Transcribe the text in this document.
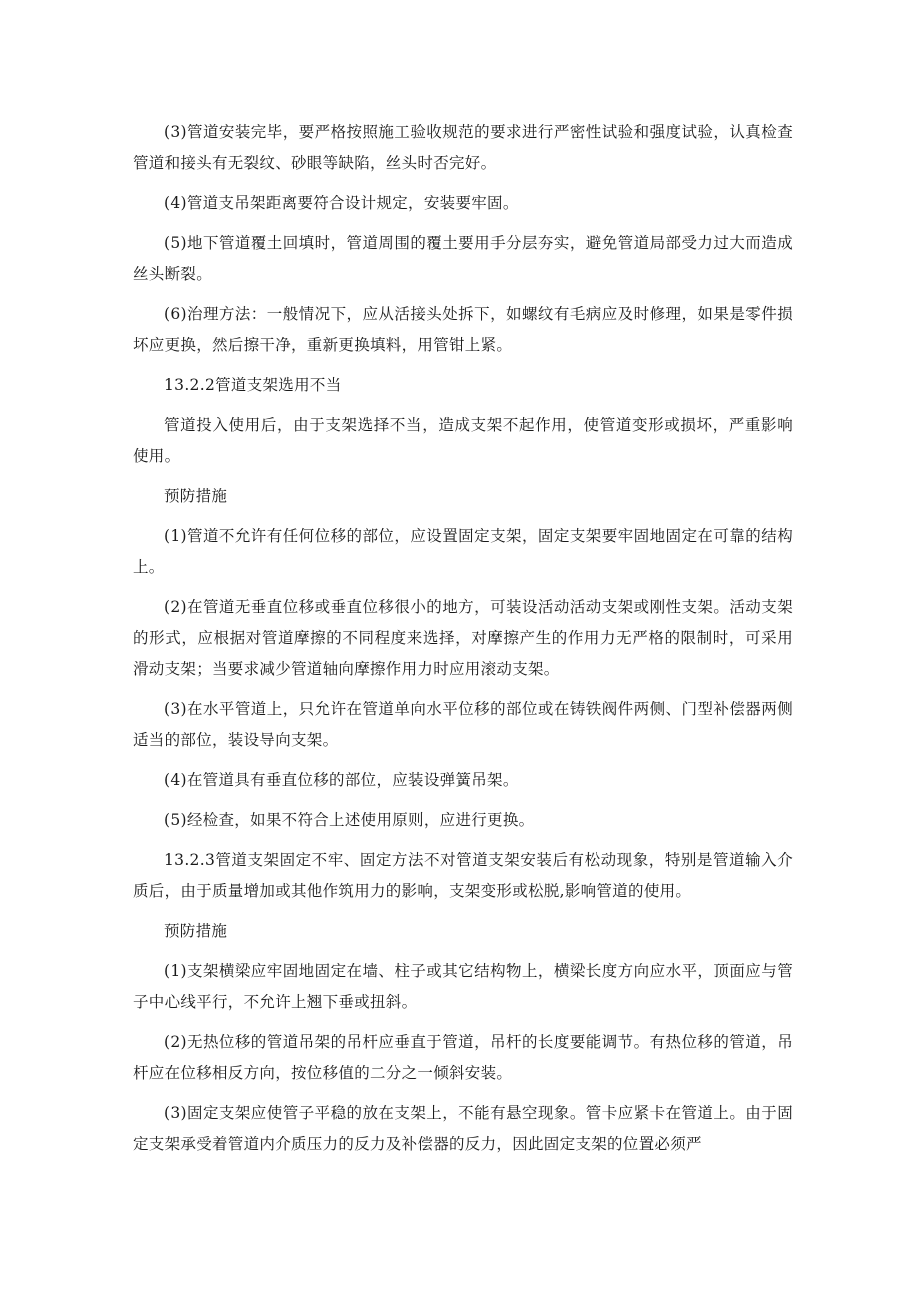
(3)管道安装完毕，要严格按照施工验收规范的要求进行严密性试验和强度试验，认真检查管道和接头有无裂纹、砂眼等缺陷，丝头时否完好。

(4)管道支吊架距离要符合设计规定，安装要牢固。

(5)地下管道覆土回填时，管道周围的覆土要用手分层夯实，避免管道局部受力过大而造成丝头断裂。

(6)治理方法：一般情况下，应从活接头处拆下，如螺纹有毛病应及时修理，如果是零件损坏应更换，然后擦干净，重新更换填料，用管钳上紧。

13.2.2管道支架选用不当

管道投入使用后，由于支架选择不当，造成支架不起作用，使管道变形或损坏，严重影响使用。

预防措施

(1)管道不允许有任何位移的部位，应设置固定支架，固定支架要牢固地固定在可靠的结构上。

(2)在管道无垂直位移或垂直位移很小的地方，可装设活动活动支架或刚性支架。活动支架的形式，应根据对管道摩擦的不同程度来选择，对摩擦产生的作用力无严格的限制时，可采用滑动支架；当要求减少管道轴向摩擦作用力时应用滚动支架。

(3)在水平管道上，只允许在管道单向水平位移的部位或在铸铁阀件两侧、门型补偿器两侧适当的部位，装设导向支架。

(4)在管道具有垂直位移的部位，应装设弹簧吊架。

(5)经检查，如果不符合上述使用原则，应进行更换。

13.2.3管道支架固定不牢、固定方法不对管道支架安装后有松动现象，特别是管道输入介质后，由于质量增加或其他作筑用力的影响，支架变形或松脱,影响管道的使用。

预防措施

(1)支架横梁应牢固地固定在墙、柱子或其它结构物上，横梁长度方向应水平，顶面应与管子中心线平行，不允许上翘下垂或扭斜。

(2)无热位移的管道吊架的吊杆应垂直于管道，吊杆的长度要能调节。有热位移的管道，吊杆应在位移相反方向，按位移值的二分之一倾斜安装。

(3)固定支架应使管子平稳的放在支架上，不能有悬空现象。管卡应紧卡在管道上。由于固定支架承受着管道内介质压力的反力及补偿器的反力，因此固定支架的位置必须严
